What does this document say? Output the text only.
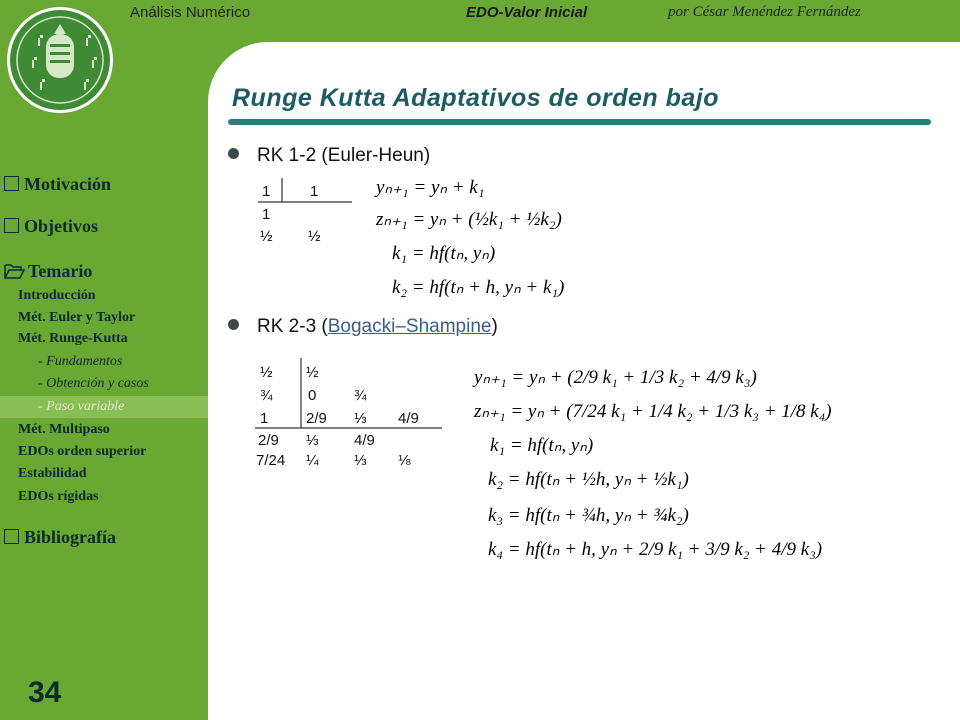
Análisis Numérico	EDO-Valor Inicial	por César Menéndez Fernández
Runge Kutta Adaptativos de orden bajo
Motivación
Objetivos
Temario
Introducción
Mét. Euler y Taylor
Mét. Runge-Kutta
- Fundamentos
- Obtención y casos
- Paso variable
Mét. Multipaso
EDOs orden superior
Estabilidad
EDOs rígidas
Bibliografía
34
RK 1-2 (Euler-Heun)
1	1
1
½ ½
yₙ₊₁ = yₙ + k₁
zₙ₊₁ = yₙ + (½k₁ + ½k₂)
k₁ = hf(tₙ, yₙ)
k₂ = hf(tₙ + h, yₙ + k₁)
RK 2-3 (Bogacki–Shampine)
½ ½
¾ 0	¾
1	2/9 ⅓ 4/9
2/9 ⅓ 4/9
7/24 ¼ ⅓ ⅛
yₙ₊₁ = yₙ + (2/9 k₁ + 1/3 k₂ + 4/9 k₃)
zₙ₊₁ = yₙ + (7/24 k₁ + 1/4 k₂ + 1/3 k₃ + 1/8 k₄)
k₁ = hf(tₙ, yₙ)
k₂ = hf(tₙ + ½h, yₙ + ½k₁)
k₃ = hf(tₙ + ¾h, yₙ + ¾k₂)
k₄ = hf(tₙ + h, yₙ + 2/9 k₁ + 3/9 k₂ + 4/9 k₃)
